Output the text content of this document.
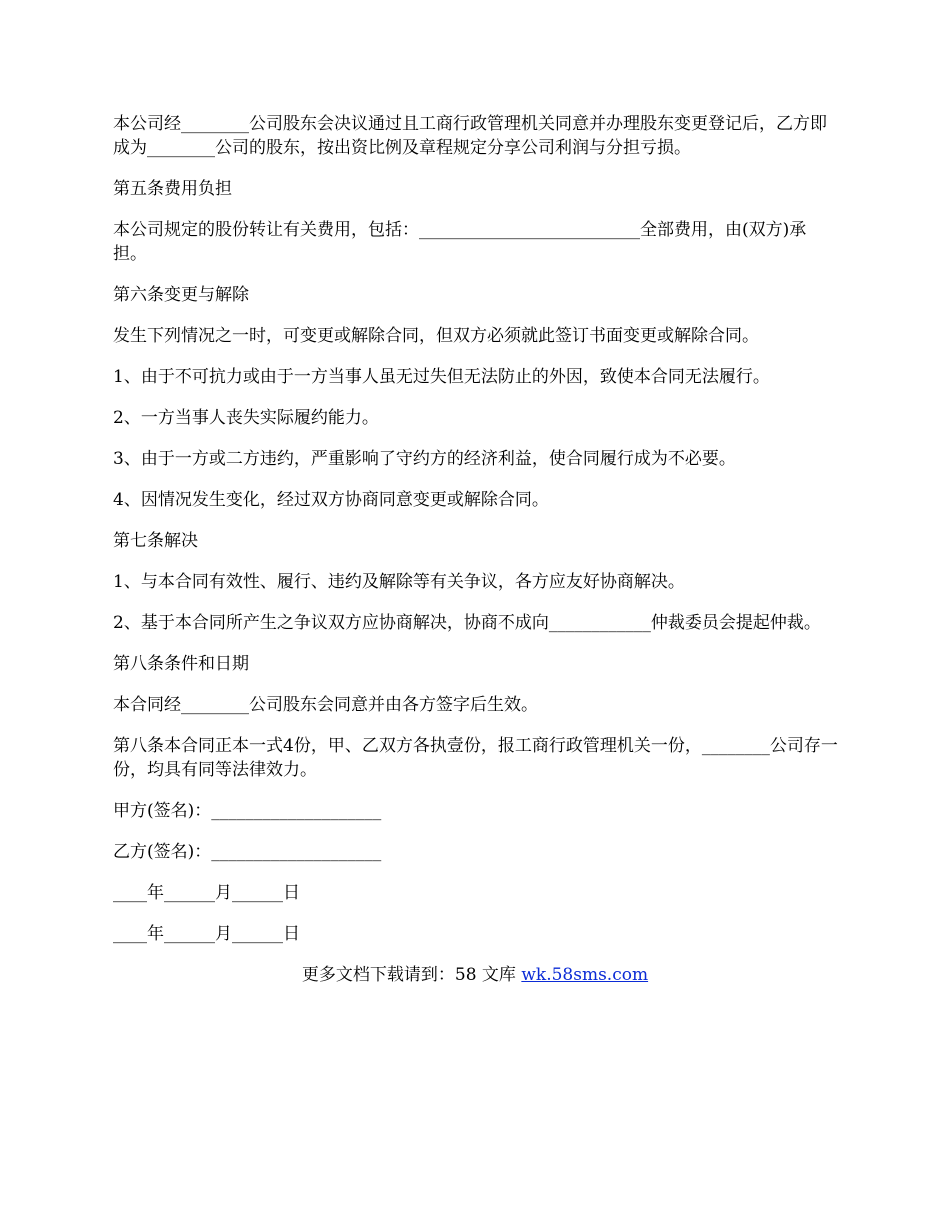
本公司经________公司股东会决议通过且工商行政管理机关同意并办理股东变更登记后，乙方即成为________公司的股东，按出资比例及章程规定分享公司利润与分担亏损。

第五条费用负担

本公司规定的股份转让有关费用，包括：__________________________全部费用，由(双方)承担。

第六条变更与解除

发生下列情况之一时，可变更或解除合同，但双方必须就此签订书面变更或解除合同。

1、由于不可抗力或由于一方当事人虽无过失但无法防止的外因，致使本合同无法履行。

2、一方当事人丧失实际履约能力。

3、由于一方或二方违约，严重影响了守约方的经济利益，使合同履行成为不必要。

4、因情况发生变化，经过双方协商同意变更或解除合同。

第七条解决

1、与本合同有效性、履行、违约及解除等有关争议，各方应友好协商解决。

2、基于本合同所产生之争议双方应协商解决，协商不成向____________仲裁委员会提起仲裁。

第八条条件和日期

本合同经________公司股东会同意并由各方签字后生效。

第八条本合同正本一式4份，甲、乙双方各执壹份，报工商行政管理机关一份，________公司存一份，均具有同等法律效力。

甲方(签名)：____________________

乙方(签名)：____________________

____年______月______日

____年______月______日

更多文档下载请到：58 文库 wk.58sms.com
